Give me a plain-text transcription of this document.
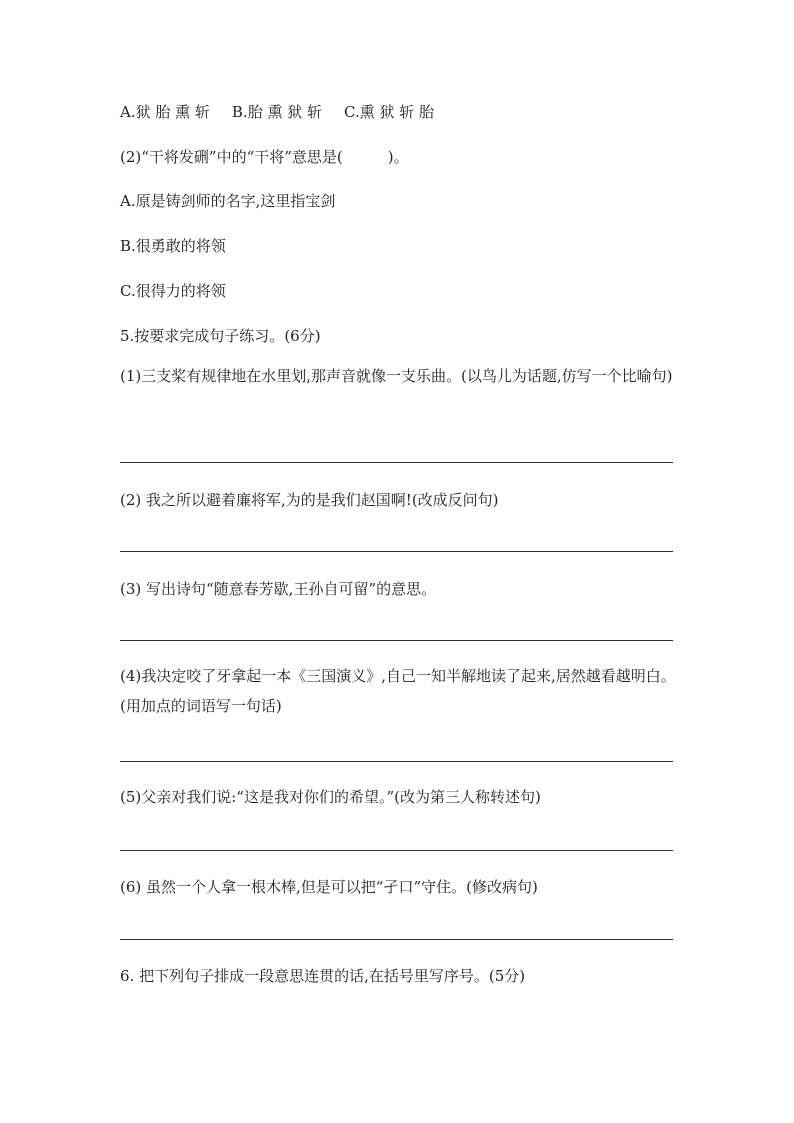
A.狱 胎 熏 斩 B.胎 熏 狱 斩 C.熏 狱 斩 胎
(2)“干将发硎”中的“干将”意思是(　　　)。
A.原是铸剑师的名字,这里指宝剑
B.很勇敢的将领
C.很得力的将领
5.按要求完成句子练习。(6分)
(1)三支桨有规律地在水里划,那声音就像一支乐曲。(以鸟儿为话题,仿写一个比喻句)
(2) 我之所以避着廉将军,为的是我们赵国啊!(改成反问句)
(3) 写出诗句“随意春芳歇,王孙自可留”的意思。
(4)我决定咬了牙拿起一本《三国演义》,自己一知半解地读了起来,居然越看越明白。(用加点的词语写一句话)
(5)父亲对我们说:“这是我对你们的希望。”(改为第三人称转述句)
(6) 虽然一个人拿一根木棒,但是可以把“孑口”守住。(修改病句)
6. 把下列句子排成一段意思连贯的话,在括号里写序号。(5分)
